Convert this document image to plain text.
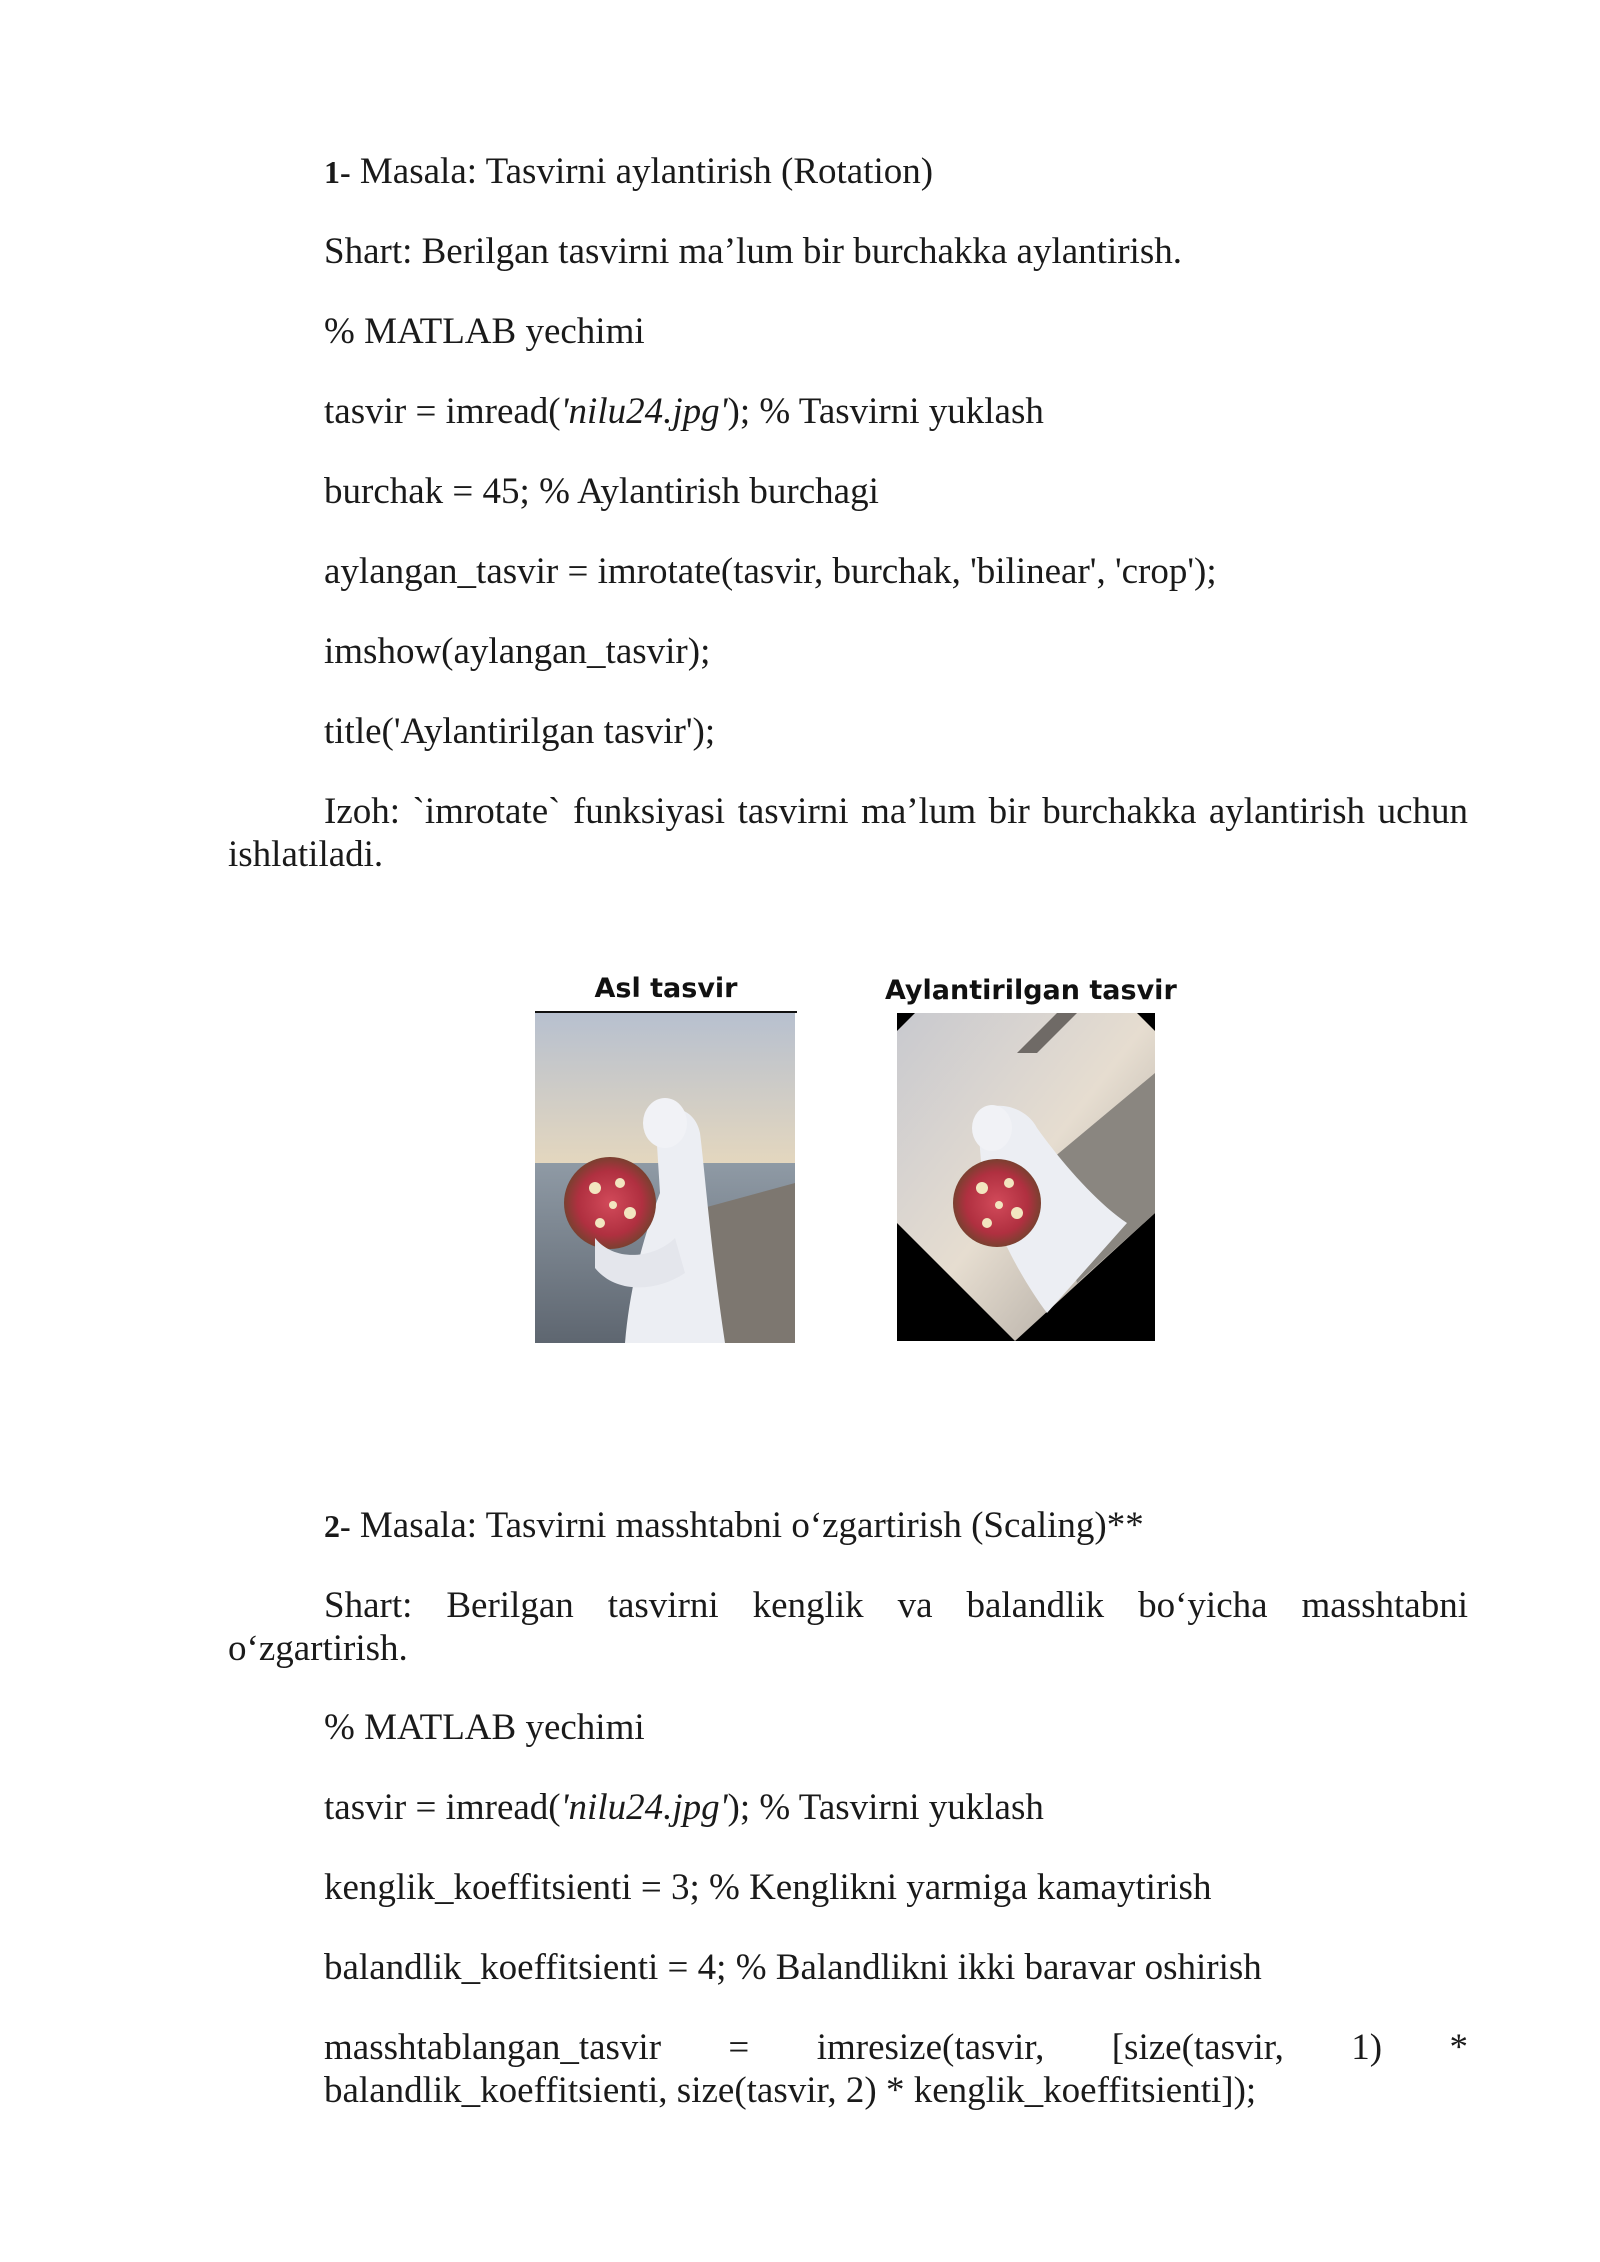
1- Masala: Tasvirni aylantirish (Rotation)

Shart: Berilgan tasvirni ma’lum bir burchakka aylantirish.

% MATLAB yechimi

tasvir = imread('nilu24.jpg'); % Tasvirni yuklash

burchak = 45; % Aylantirish burchagi

aylangan_tasvir = imrotate(tasvir, burchak, 'bilinear', 'crop');

imshow(aylangan_tasvir);

title('Aylantirilgan tasvir');

Izoh: `imrotate` funksiyasi tasvirni ma’lum bir burchakka aylantirish uchun ishlatiladi.

Asl tasvir	Aylantirilgan tasvir

2- Masala: Tasvirni masshtabni o‘zgartirish (Scaling)**

Shart: Berilgan tasvirni kenglik va balandlik bo‘yicha masshtabni o‘zgartirish.

% MATLAB yechimi

tasvir = imread('nilu24.jpg'); % Tasvirni yuklash

kenglik_koeffitsienti = 3; % Kenglikni yarmiga kamaytirish

balandlik_koeffitsienti = 4; % Balandlikni ikki baravar oshirish

masshtablangan_tasvir = imresize(tasvir, [size(tasvir, 1) * balandlik_koeffitsienti, size(tasvir, 2) * kenglik_koeffitsienti]);
